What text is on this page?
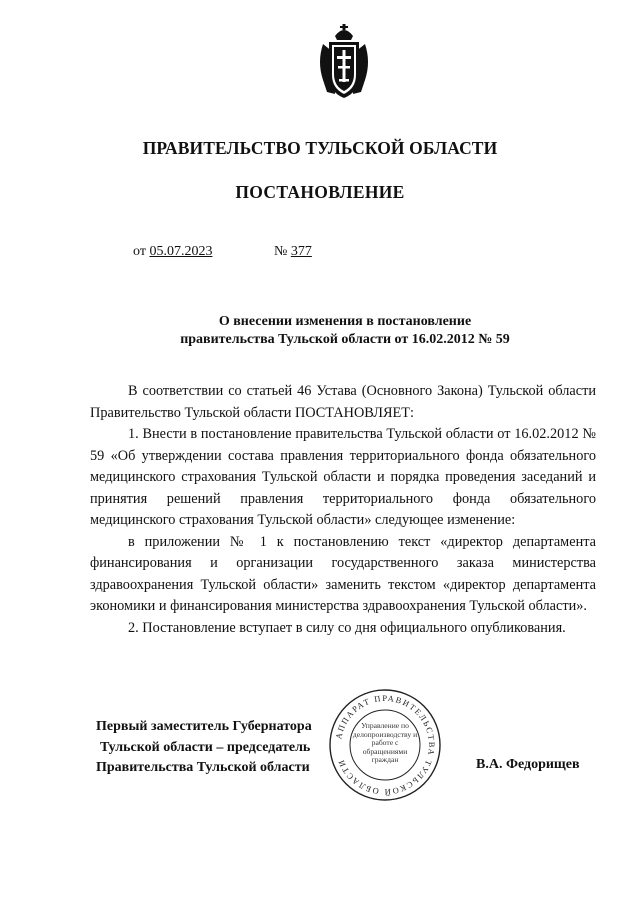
ПРАВИТЕЛЬСТВО ТУЛЬСКОЙ ОБЛАСТИ
ПОСТАНОВЛЕНИЕ
от 05.07.2023	№ 377
О внесении изменения в постановление
правительства Тульской области от 16.02.2012 № 59

В соответствии со статьей 46 Устава (Основного Закона) Тульской области Правительство Тульской области ПОСТАНОВЛЯЕТ:

1. Внести в постановление правительства Тульской области от 16.02.2012 № 59 «Об утверждении состава правления территориального фонда обязательного медицинского страхования Тульской области и порядка проведения заседаний и принятия решений правления территориального фонда обязательного медицинского страхования Тульской области» следующее изменение:

в приложении № 1 к постановлению текст «директор департамента финансирования и организации государственного заказа министерства здравоохранения Тульской области» заменить текстом «директор департамента экономики и финансирования министерства здравоохранения Тульской области».

2. Постановление вступает в силу со дня официального опубликования.

АППАРАТ ПРАВИТЕЛЬСТВА ТУЛЬСКОЙ ОБЛАСТИ
Управление по делопроизводству и работе с обращениями граждан
Первый заместитель Губернатора
Тульской области – председатель
Правительства Тульской области	В.А. Федорищев
